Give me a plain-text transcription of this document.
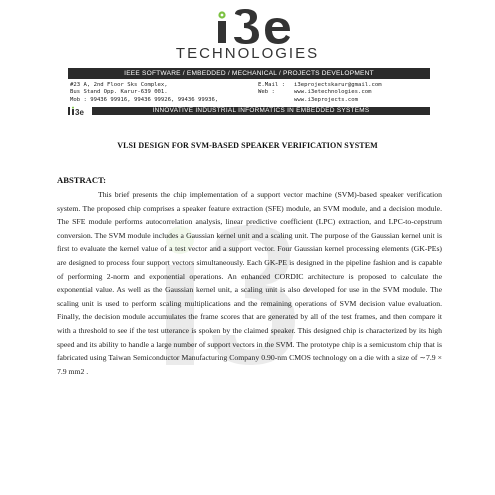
TECHNOLOGIES
IEEE SOFTWARE / EMBEDDED / MECHANICAL / PROJECTS DEVELOPMENT
#23 A, 2nd Floor Sks Complex,
Bus Stand Opp. Karur-639 001.
Mob : 99436 99916, 99436 99926, 99436 99936,
E.Mail : i3eprojectskarur@gmail.com
Web :	www.i3etechnologies.com
www.i3eprojects.com
3e	INNOVATIVE INDUSTRIAL INFORMATICS IN EMBEDDED SYSTEMS
VLSI DESIGN FOR SVM-BASED SPEAKER VERIFICATION SYSTEM
ABSTRACT:
This brief presents the chip implementation of a support vector machine (SVM)-based speaker verification system. The proposed chip comprises a speaker feature extraction (SFE) module, an SVM module, and a decision module. The SFE module performs autocorrelation analysis, linear predictive coefficient (LPC) extraction, and LPC-to-cepstrum conversion. The SVM module includes a Gaussian kernel unit and a scaling unit. The purpose of the Gaussian kernel unit is first to evaluate the kernel value of a test vector and a support vector. Four Gaussian kernel processing elements (GK-PEs) are designed to process four support vectors simultaneously. Each GK-PE is designed in the pipeline fashion and is capable of performing 2-norm and exponential operations. An enhanced CORDIC architecture is proposed to calculate the exponential value. As well as the Gaussian kernel unit, a scaling unit is also developed for use in the SVM module. The scaling unit is used to perform scaling multiplications and the remaining operations of SVM decision value evaluation. Finally, the decision module accumulates the frame scores that are generated by all of the test frames, and then compare it with a threshold to see if the test utterance is spoken by the claimed speaker. This designed chip is characterized by its high speed and its ability to handle a large number of support vectors in the SVM. The prototype chip is a semicustom chip that is fabricated using Taiwan Semiconductor Manufacturing Company 0.90-nm CMOS technology on a die with a size of ∼7.9 × 7.9 mm2 .
